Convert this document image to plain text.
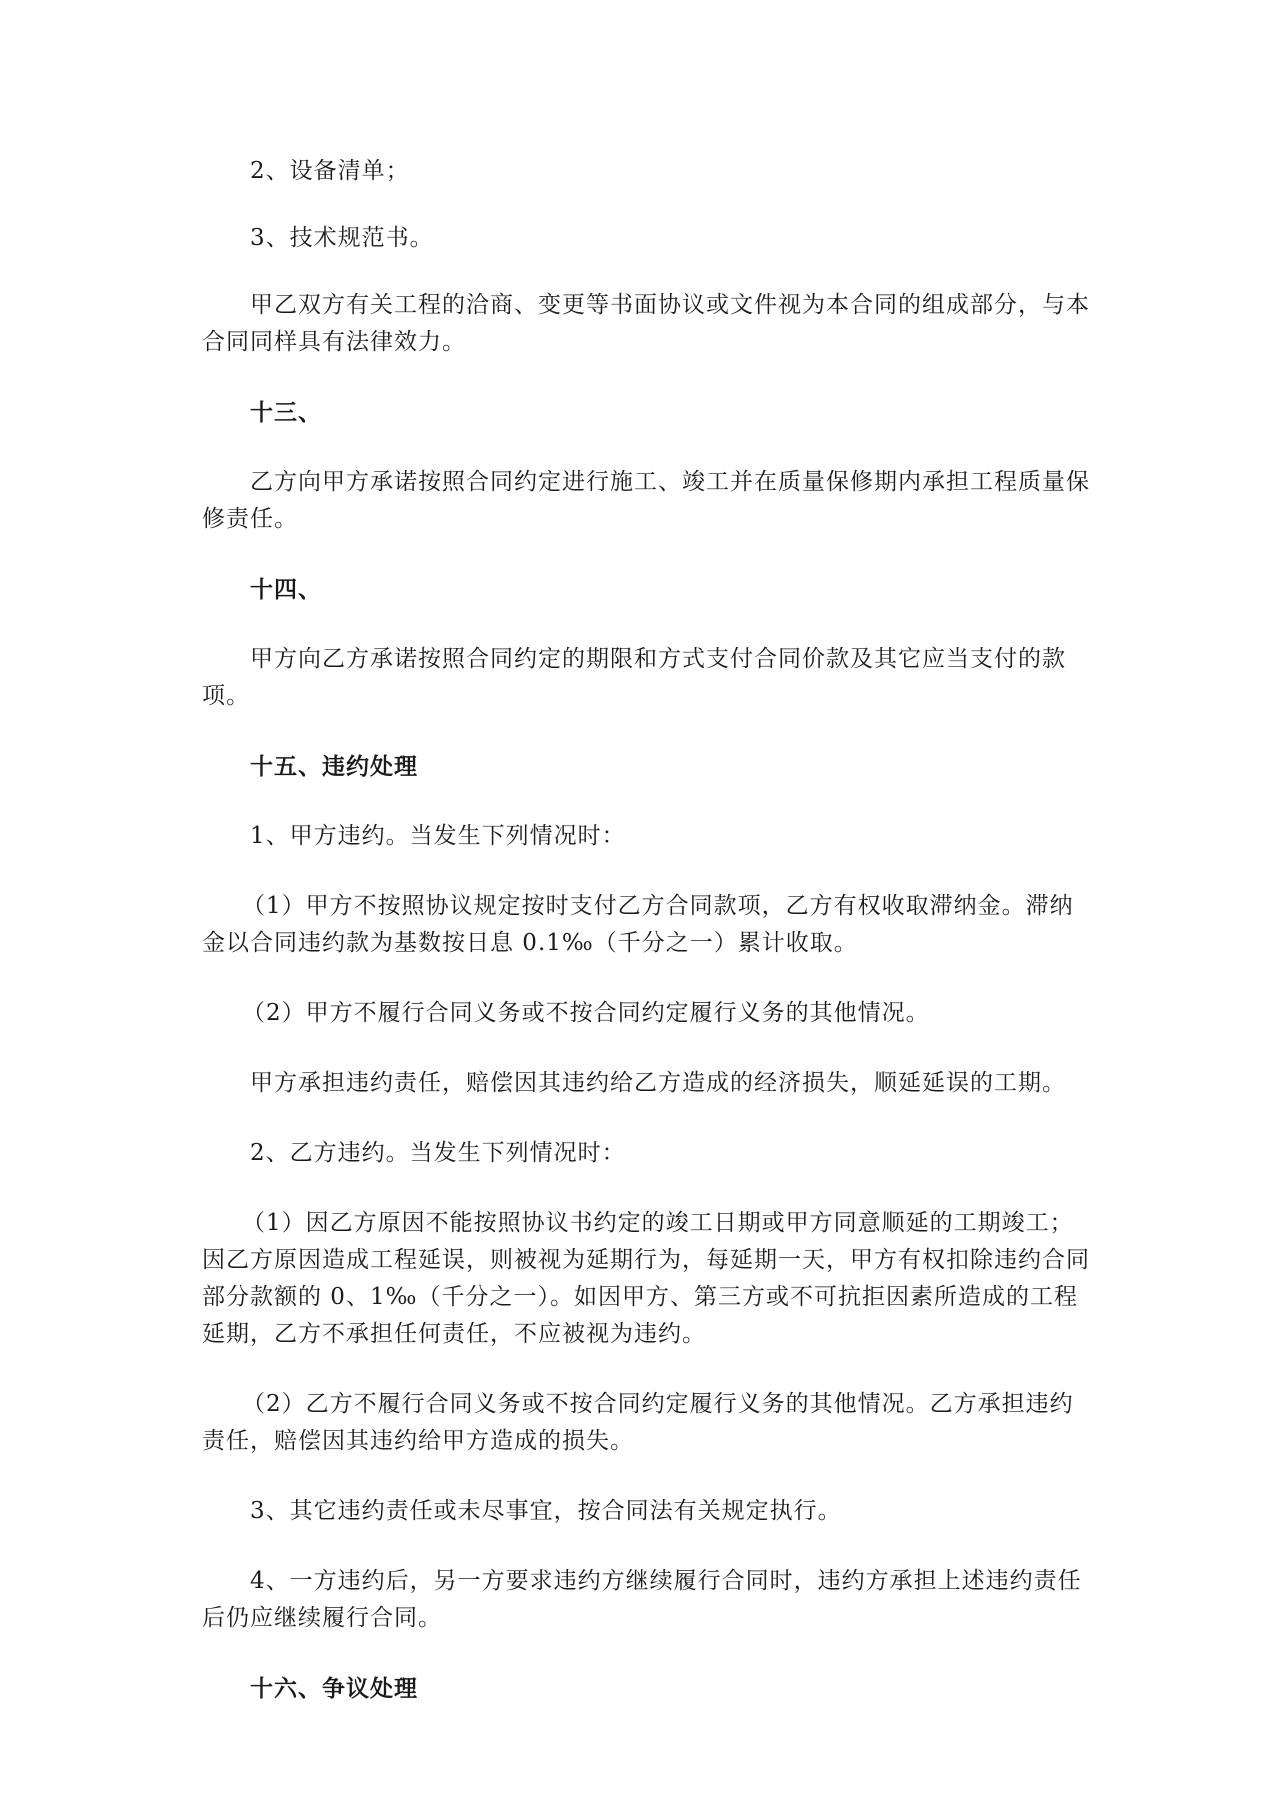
2、设备清单；

3、技术规范书。

甲乙双方有关工程的洽商、变更等书面协议或文件视为本合同的组成部分，与本合同同样具有法律效力。

十三、

乙方向甲方承诺按照合同约定进行施工、竣工并在质量保修期内承担工程质量保修责任。

十四、

甲方向乙方承诺按照合同约定的期限和方式支付合同价款及其它应当支付的款项。

十五、违约处理

1、甲方违约。当发生下列情况时：

（1）甲方不按照协议规定按时支付乙方合同款项，乙方有权收取滞纳金。滞纳金以合同违约款为基数按日息 0.1‰（千分之一）累计收取。

（2）甲方不履行合同义务或不按合同约定履行义务的其他情况。

甲方承担违约责任，赔偿因其违约给乙方造成的经济损失，顺延延误的工期。

2、乙方违约。当发生下列情况时：

（1）因乙方原因不能按照协议书约定的竣工日期或甲方同意顺延的工期竣工；因乙方原因造成工程延误，则被视为延期行为，每延期一天，甲方有权扣除违约合同部分款额的 0、1‰（千分之一）。如因甲方、第三方或不可抗拒因素所造成的工程延期，乙方不承担任何责任，不应被视为违约。

（2）乙方不履行合同义务或不按合同约定履行义务的其他情况。乙方承担违约责任，赔偿因其违约给甲方造成的损失。

3、其它违约责任或未尽事宜，按合同法有关规定执行。

4、一方违约后，另一方要求违约方继续履行合同时，违约方承担上述违约责任后仍应继续履行合同。

十六、争议处理
